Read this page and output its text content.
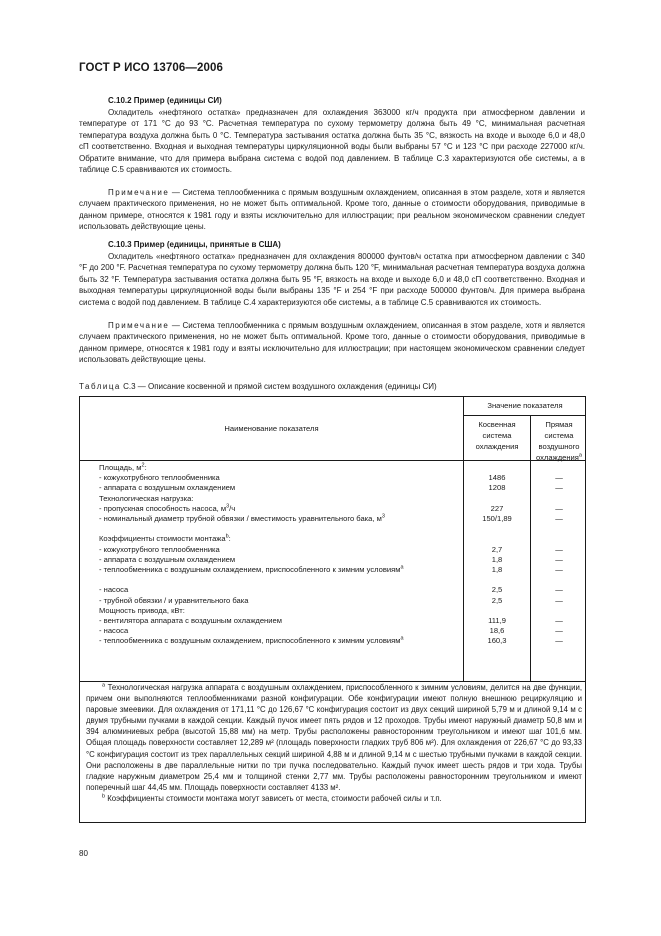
ГОСТ Р ИСО 13706—2006
С.10.2 Пример (единицы СИ)

Охладитель «нефтяного остатка» предназначен для охлаждения 363000 кг/ч продукта при атмосферном давлении и температуре от 171 °С до 93 °С. Расчетная температура по сухому термометру должна быть 49 °С, минимальная расчетная температура воздуха должна быть 0 °С. Температура застывания остатка должна быть 35 °С, вязкость на входе и выходе 6,0 и 48,0 сП соответственно. Входная и выходная температуры циркуляционной воды были выбраны 57 °С и 123 °С при расходе 227000 кг/ч. Обратите внимание, что для примера выбрана система с водой под давлением. В таблице С.3 характеризуются обе системы, а в таблице С.5 сравниваются их стоимость.

Примечание — Система теплообменника с прямым воздушным охлаждением, описанная в этом разделе, хотя и является случаем практического применения, но не может быть оптимальной. Кроме того, данные о стоимости оборудования, приводимые в данном примере, относятся к 1981 году и взяты исключительно для иллюстрации; при реальном экономическом сравнении следует использовать действующие цены.

С.10.3 Пример (единицы, принятые в США)

Охладитель «нефтяного остатка» предназначен для охлаждения 800000 фунтов/ч остатка при атмосферном давлении с 340 °F до 200 °F. Расчетная температура по сухому термометру должна быть 120 °F, минимальная расчетная температура воздуха должна быть 32 °F. Температура застывания остатка должна быть 95 °F, вязкость на входе и выходе 6,0 и 48,0 сП соответственно. Входная и выходная температуры циркуляционной воды были выбраны 135 °F и 254 °F при расходе 500000 фунтов/ч. Для примера выбрана система с водой под давлением. В таблице С.4 характеризуются обе системы, а в таблице С.5 сравниваются их стоимость.

Примечание — Система теплообменника с прямым воздушным охлаждением, описанная в этом разделе, хотя и является случаем практического применения, но не может быть оптимальной. Кроме того, данные о стоимости оборудования, приводимые в данном примере, относятся к 1981 году и взяты исключительно для иллюстрации; при настоящем экономическом сравнении следует использовать действующие цены.

Таблица С.3 — Описание косвенной и прямой систем воздушного охлаждения (единицы СИ)
Наименование показателя
Значение показателя
Косвенная система охлаждения
Прямая система воздушного охлаждения$^a$
Площадь, $м^2$:
- кожухотрубного теплообменника	1486	—
- аппарата с воздушным охлаждением	1208	—
Технологическая нагрузка:
- пропускная способность насоса, $м^3/ч$	227	—
- номинальный диаметр трубной обвязки / вместимость уравнительного бака, $м^3$	150/1,89	—
Коэффициенты стоимости монтажа$^b$:
- кожухотрубного теплообменника	2,7	—
- аппарата с воздушным охлаждением	1,8	—
- теплообменника с воздушным охлаждением, приспособленного к зимним условиям$^a$	1,8	—
- насоса	2,5	—
- трубной обвязки / и уравнительного бака	2,5	—
Мощность привода, кВт:
- вентилятора аппарата с воздушным охлаждением	111,9	—
- насоса	18,6	—
- теплообменника с воздушным охлаждением, приспособленного к зимним условиям$^a$	160,3	—

$^a$ Технологическая нагрузка аппарата с воздушным охлаждением, приспособленного к зимним условиям, делится на две функции, причем они выполняются теплообменниками разной конфигурации. Обе конфигурации имеют полную внешнюю рециркуляцию и паровые змеевики. Для охлаждения от 171,11 °С до 126,67 °С конфигурация состоит из двух секций шириной 5,79 м и длиной 9,14 м с двумя трубными пучками в каждой секции. Каждый пучок имеет пять рядов и 12 проходов. Трубы имеют наружный диаметр 50,8 мм и 394 алюминиевых ребра (высотой 15,88 мм) на метр. Трубы расположены равносторонним треугольником и имеют шаг 101,6 мм. Общая площадь поверхности составляет 12,289 м² (площадь поверхности гладких труб 806 м²). Для охлаждения от 226,67 °С до 93,33 °С конфигурация состоит из трех параллельных секций шириной 4,88 м и длиной 9,14 м с шестью трубными пучками в каждой секции. Они расположены в две параллельные нитки по три пучка последовательно. Каждый пучок имеет шесть рядов и три хода. Трубы гладкие наружным диаметром 25,4 мм и толщиной стенки 2,77 мм. Трубы расположены равносторонним треугольником и имеют поперечный шаг 44,45 мм. Площадь поверхности составляет 4133 м².

$^b$ Коэффициенты стоимости монтажа могут зависеть от места, стоимости рабочей силы и т.п.

80
